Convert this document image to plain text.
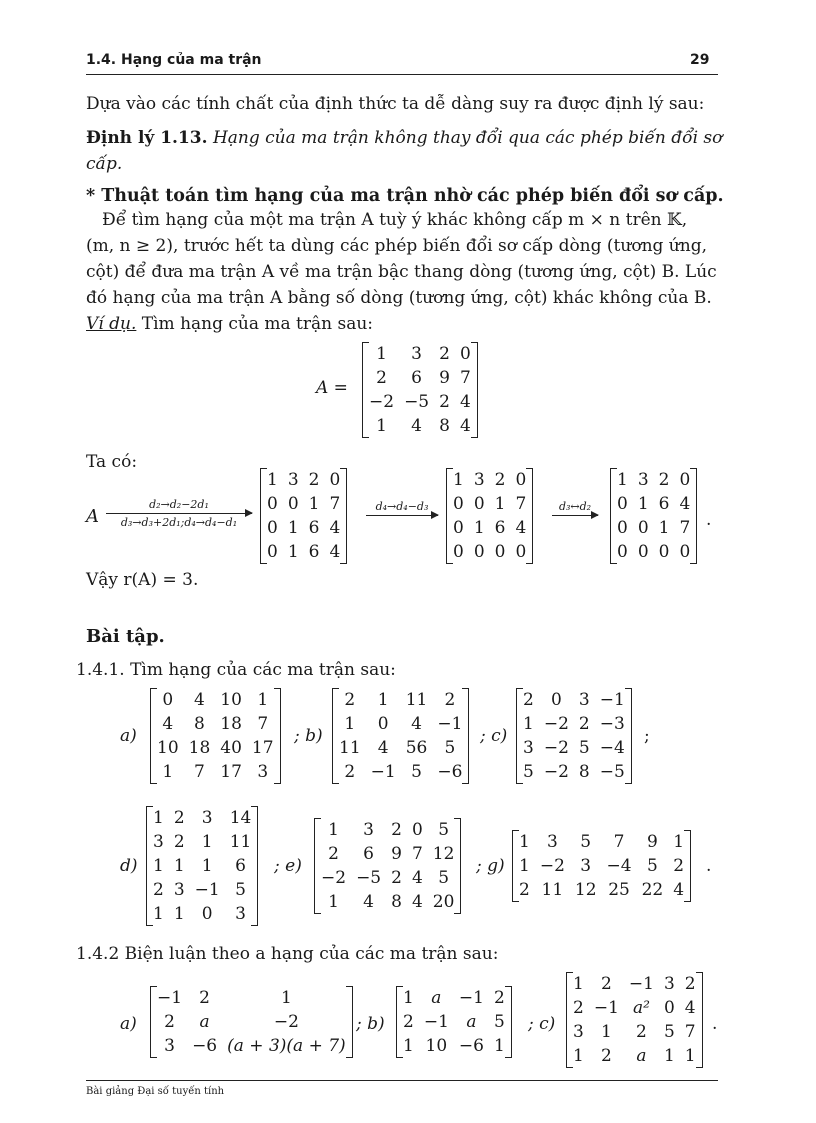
1.4. Hạng của ma trận	29
Dựa vào các tính chất của định thức ta dễ dàng suy ra được định lý sau:
Định lý 1.13. Hạng của ma trận không thay đổi qua các phép biến đổi sơ
cấp.
* Thuật toán tìm hạng của ma trận nhờ các phép biến đổi sơ cấp.
Để tìm hạng của một ma trận A tuỳ ý khác không cấp m × n trên 𝕂,
(m, n ≥ 2), trước hết ta dùng các phép biến đổi sơ cấp dòng (tương ứng,
cột) để đưa ma trận A về ma trận bậc thang dòng (tương ứng, cột) B. Lúc
đó hạng của ma trận A bằng số dòng (tương ứng, cột) khác không của B.
Ví dụ. Tìm hạng của ma trận sau:
A =
1	3	2	0
2	6	9	7
−2	−5	2	4
1	4	8	4
Ta có:
A
d₂→d₂−2d₁
d₃→d₃+2d₁;d₄→d₄−d₁
1	3	2	0
0	0	1	7
0	1	6	4
0	1	6	4
d₄→d₄−d₃
1	3	2	0
0	0	1	7
0	1	6	4
0	0	0	0
d₃↔d₂
1	3	2	0
0	1	6	4
0	0	1	7
0	0	0	0
.
Vậy r(A) = 3.
Bài tập.
1.4.1. Tìm hạng của các ma trận sau:
a)
0	4	10	1
4	8	18	7
10	18	40	17
1	7	17	3
; b)
2	1	11	2
1	0	4	−1
11	4	56	5
2	−1	5	−6
; c)
2	0	3	−1
1	−2	2	−3
3	−2	5	−4
5	−2	8	−5
;
d)
1	2	3	14
3	2	1	11
1	1	1	6
2	3	−1	5
1	1	0	3
; e)
1	3	2	0	5
2	6	9	7	12
−2	−5	2	4	5
1	4	8	4	20
; g)
1	3	5	7	9	1
1	−2	3	−4	5	2
2	11	12	25	22	4
.
1.4.2 Biện luận theo a hạng của các ma trận sau:
a)
−1	2	1
2	a	−2
3	−6	(a + 3)(a + 7)
; b)
1	a	−1	2
2	−1	a	5
1	10	−6	1
; c)
1	2	−1	3	2
2	−1	a²	0	4
3	1	2	5	7
1	2	a	1	1
.
Bài giảng Đại số tuyến tính
